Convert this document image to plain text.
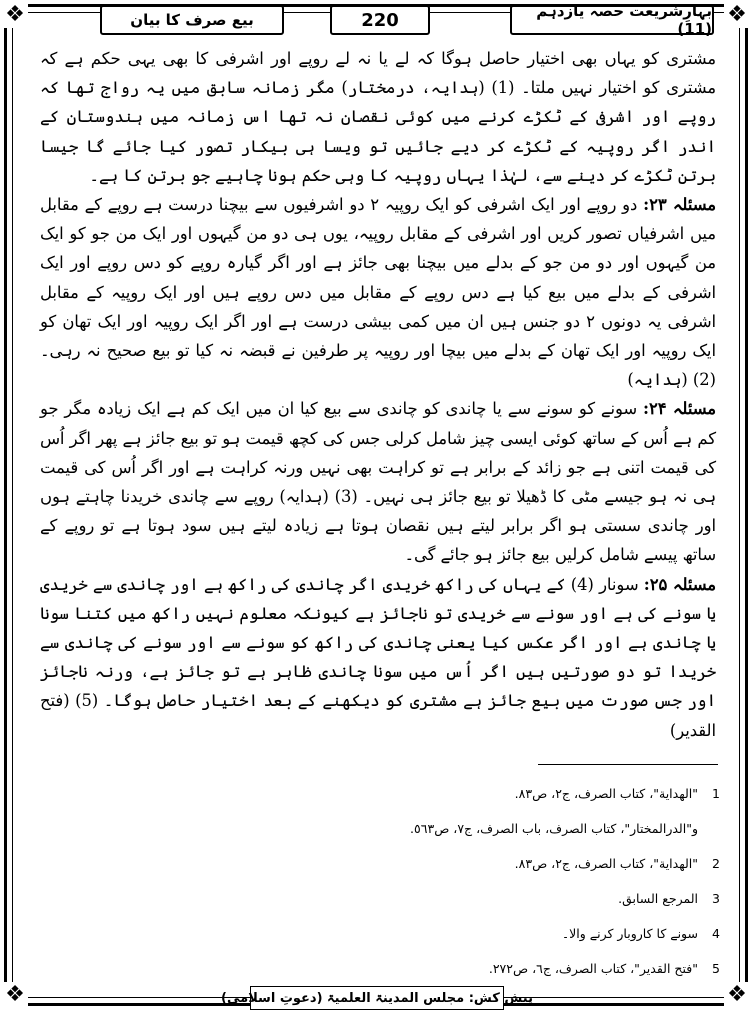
❖	❖
❖	❖
بہارِشریعت حصہ یازدہم (11)
220
بیع صرف کا بیان

مشتری کو یہاں بھی اختیار حاصل ہوگا کہ لے یا نہ لے روپے اور اشرفی کا بھی یہی حکم ہے کہ مشتری کو اختیار نہیں ملتا۔ (1) (ہدایہ، درمختار) مگر زمانہ سابق میں یہ رواج تھا کہ روپے اور اشرفی کے ٹکڑے کرنے میں کوئی نقصان نہ تھا اس زمانہ میں ہندوستان کے اندر اگر روپیہ کے ٹکڑے کر دیے جائیں تو ویسا ہی بیکار تصور کیا جائے گا جیسا برتن ٹکڑے کر دینے سے، لہٰذا یہاں روپیہ کا وہی حکم ہونا چاہیے جو برتن کا ہے۔

مسئلہ ۲۳: دو روپے اور ایک اشرفی کو ایک روپیہ ۲ دو اشرفیوں سے بیچنا درست ہے روپے کے مقابل میں اشرفیاں تصور کریں اور اشرفی کے مقابل روپیہ، یوں ہی دو من گیہوں اور ایک من جو کو ایک من گیہوں اور دو من جو کے بدلے میں بیچنا بھی جائز ہے اور اگر گیارہ روپے کو دس روپے اور ایک اشرفی کے بدلے میں بیع کیا ہے دس روپے کے مقابل میں دس روپے ہیں اور ایک روپیہ کے مقابل اشرفی یہ دونوں ۲ دو جنس ہیں ان میں کمی بیشی درست ہے اور اگر ایک روپیہ اور ایک تھان کو ایک روپیہ اور ایک تھان کے بدلے میں بیچا اور روپیہ پر طرفین نے قبضہ نہ کیا تو بیع صحیح نہ رہی۔ (2) (ہدایہ)

مسئلہ ۲۴: سونے کو سونے سے یا چاندی کو چاندی سے بیع کیا ان میں ایک کم ہے ایک زیادہ مگر جو کم ہے اُس کے ساتھ کوئی ایسی چیز شامل کرلی جس کی کچھ قیمت ہو تو بیع جائز ہے پھر اگر اُس کی قیمت اتنی ہے جو زائد کے برابر ہے تو کراہت بھی نہیں ورنہ کراہت ہے اور اگر اُس کی قیمت ہی نہ ہو جیسے مٹی کا ڈھیلا تو بیع جائز ہی نہیں۔ (3) (ہدایہ) روپے سے چاندی خریدنا چاہتے ہوں اور چاندی سستی ہو اگر برابر لیتے ہیں نقصان ہوتا ہے زیادہ لیتے ہیں سود ہوتا ہے تو روپے کے ساتھ پیسے شامل کرلیں بیع جائز ہو جائے گی۔

مسئلہ ۲۵: سونار (4) کے یہاں کی راکھ خریدی اگر چاندی کی راکھ ہے اور چاندی سے خریدی یا سونے کی ہے اور سونے سے خریدی تو ناجائز ہے کیونکہ معلوم نہیں راکھ میں کتنا سونا یا چاندی ہے اور اگر عکس کیا یعنی چاندی کی راکھ کو سونے سے اور سونے کی چاندی سے خریدا تو دو صورتیں ہیں اگر اُس میں سونا چاندی ظاہر ہے تو جائز ہے، ورنہ ناجائز اور جس صورت میں بیع جائز ہے مشتری کو دیکھنے کے بعد اختیار حاصل ہوگا۔ (5) (فتح القدیر)

1"الهداية"، كتاب الصرف، ج٢، ص٨٣.
و"الدرالمختار"، كتاب الصرف، باب الصرف، ج٧، ص٥٦٣.
2"الهداية"، كتاب الصرف، ج٢، ص٨٣.
3المرجع السابق.
4سونے کا کاروبار کرنے والا۔
5"فتح القدير"، كتاب الصرف، ج٦، ص٢٧٢.
پیش کش: مجلس المدینۃ العلمیۃ (دعوتِ اسلامی)
